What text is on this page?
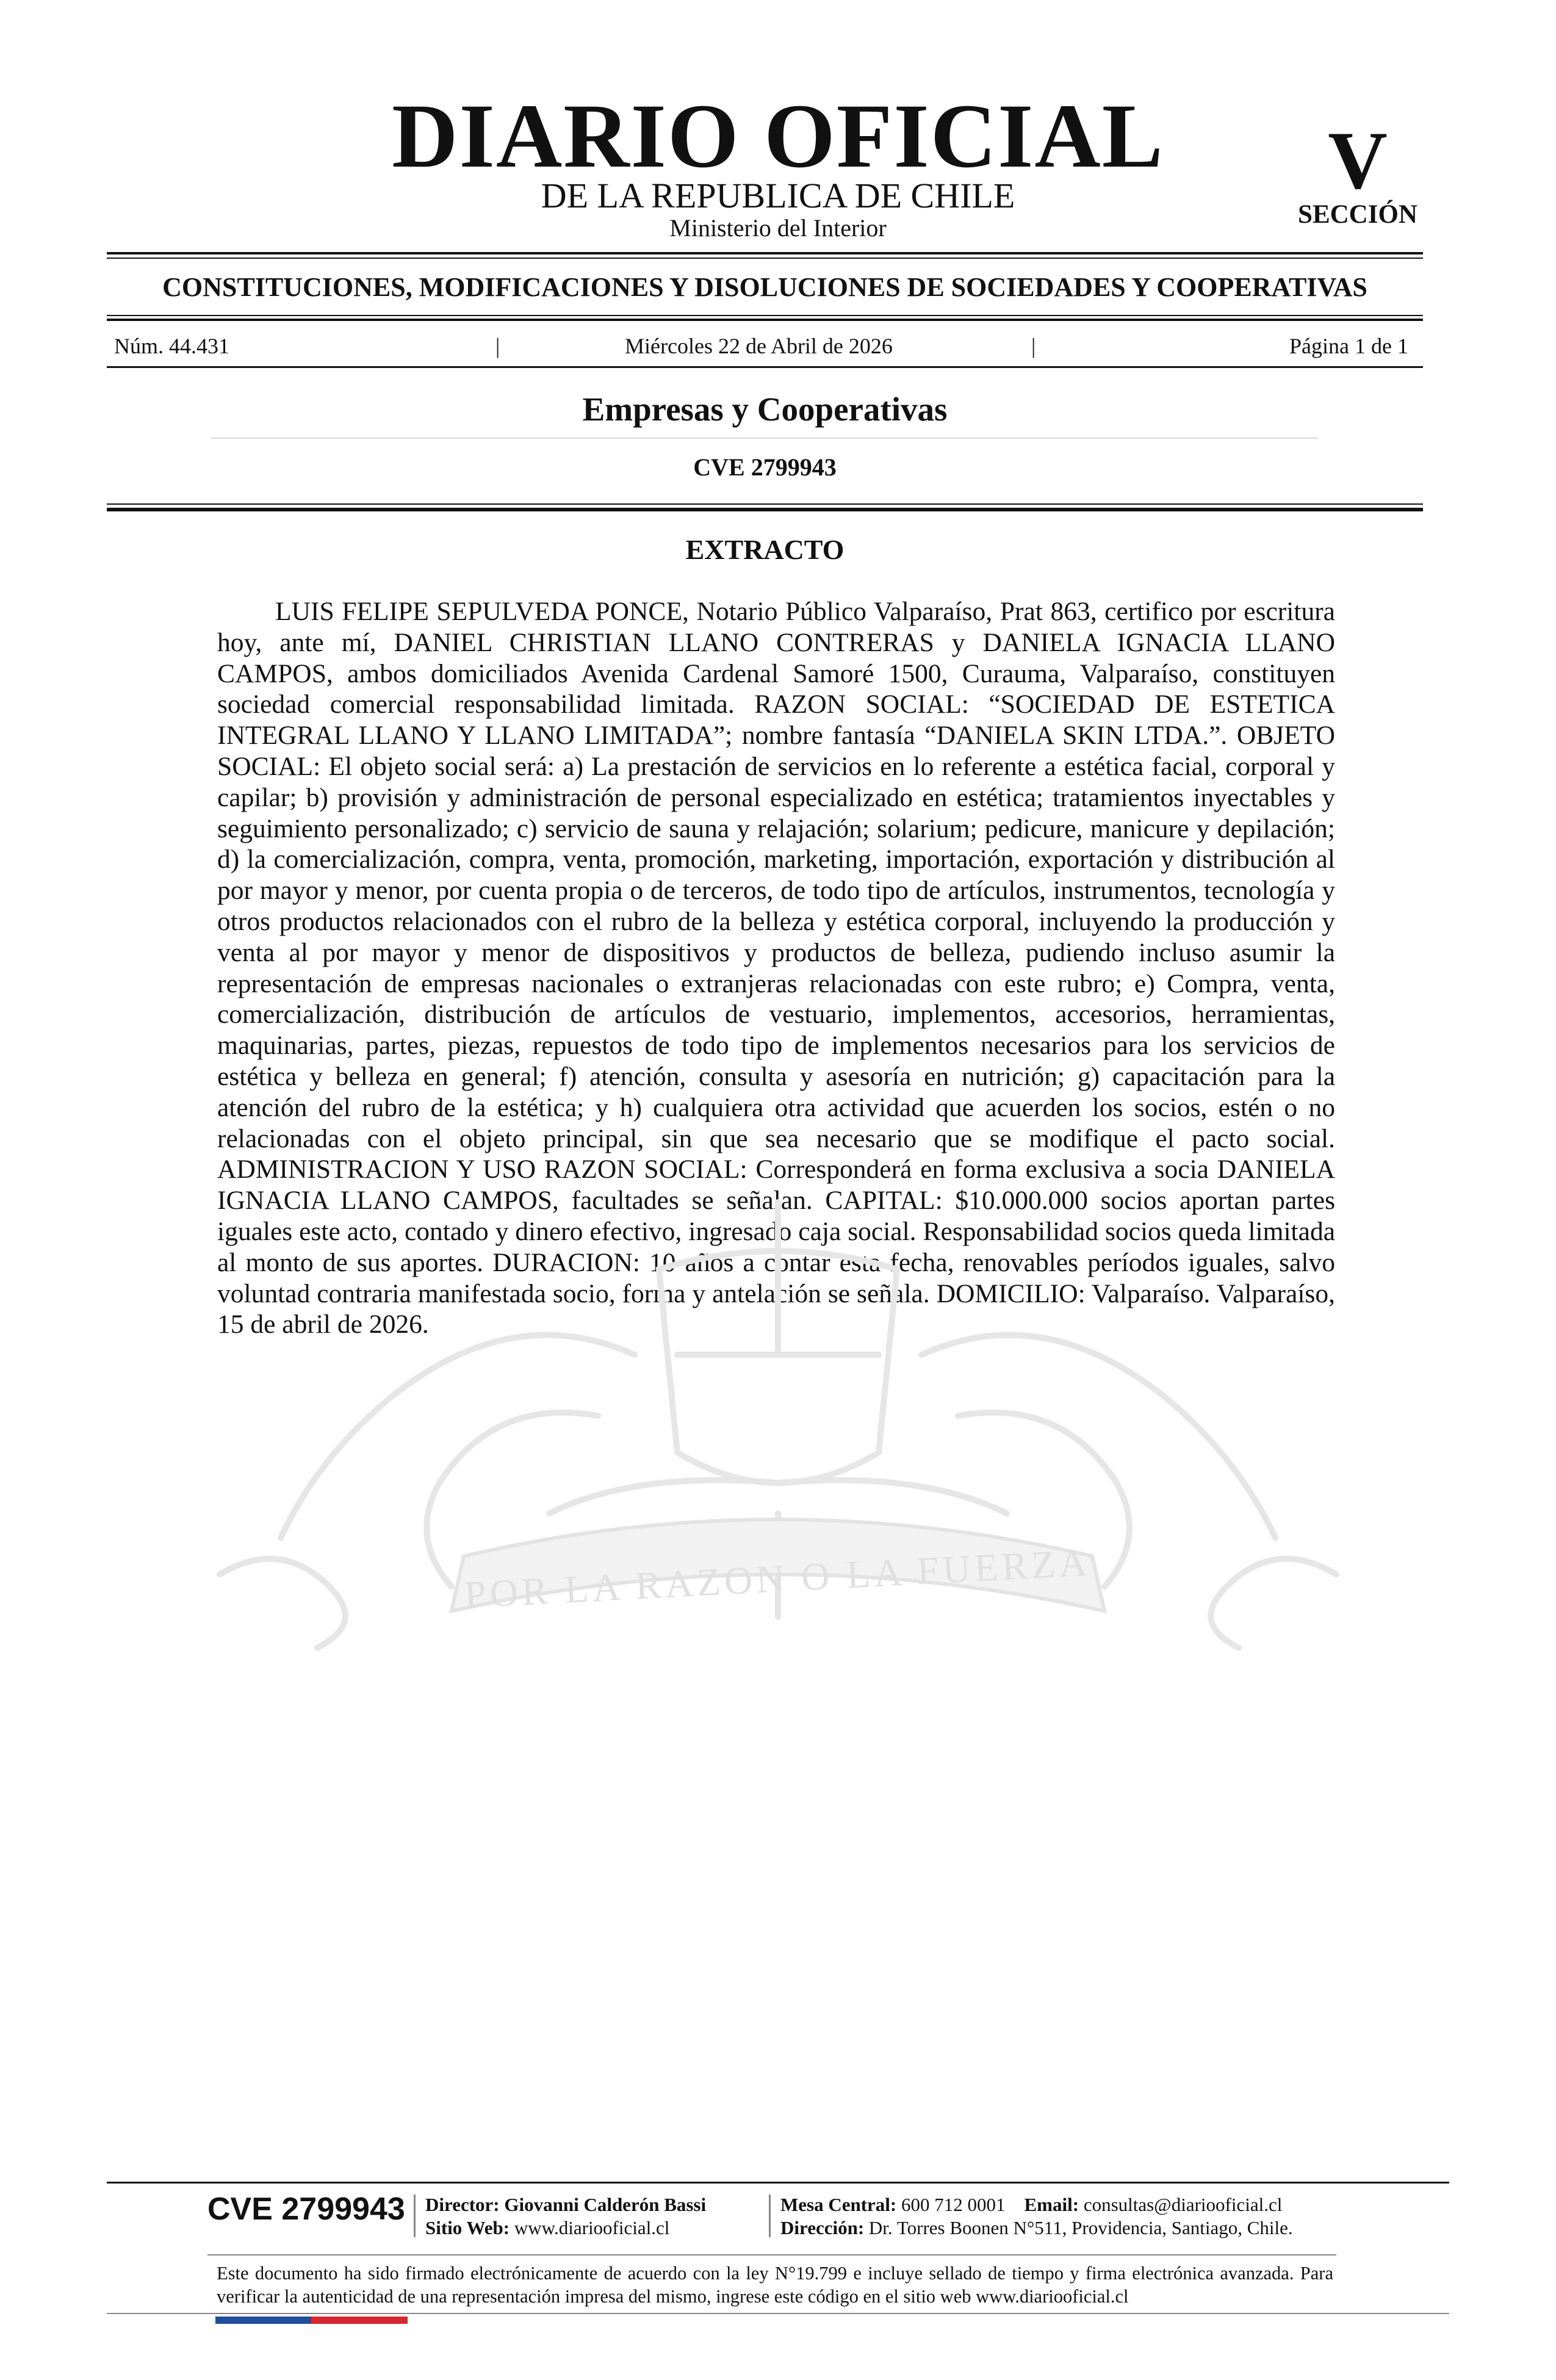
DIARIO OFICIAL
DE LA REPUBLICA DE CHILE
Ministerio del Interior
V
SECCIÓN
CONSTITUCIONES, MODIFICACIONES Y DISOLUCIONES DE SOCIEDADES Y COOPERATIVAS
Núm. 44.431	|	Miércoles 22 de Abril de 2026	|	Página 1 de 1
Empresas y Cooperativas
CVE 2799943
EXTRACTO

LUIS FELIPE SEPULVEDA PONCE, Notario Público Valparaíso, Prat 863, certifico por escritura hoy, ante mí, DANIEL CHRISTIAN LLANO CONTRERAS y DANIELA IGNACIA LLANO CAMPOS, ambos domiciliados Avenida Cardenal Samoré 1500, Curauma, Valparaíso, constituyen sociedad comercial responsabilidad limitada. RAZON SOCIAL: “SOCIEDAD DE ESTETICA INTEGRAL LLANO Y LLANO LIMITADA”; nombre fantasía “DANIELA SKIN LTDA.”. OBJETO SOCIAL: El objeto social será: a) La prestación de servicios en lo referente a estética facial, corporal y capilar; b) provisión y administración de personal especializado en estética; tratamientos inyectables y seguimiento personalizado; c) servicio de sauna y relajación; solarium; pedicure, manicure y depilación; d) la comercialización, compra, venta, promoción, marketing, importación, exportación y distribución al por mayor y menor, por cuenta propia o de terceros, de todo tipo de artículos, instrumentos, tecnología y otros productos relacionados con el rubro de la belleza y estética corporal, incluyendo la producción y venta al por mayor y menor de dispositivos y productos de belleza, pudiendo incluso asumir la representación de empresas nacionales o extranjeras relacionadas con este rubro; e) Compra, venta, comercialización, distribución de artículos de vestuario, implementos, accesorios, herramientas, maquinarias, partes, piezas, repuestos de todo tipo de implementos necesarios para los servicios de estética y belleza en general; f) atención, consulta y asesoría en nutrición; g) capacitación para la atención del rubro de la estética; y h) cualquiera otra actividad que acuerden los socios, estén o no relacionadas con el objeto principal, sin que sea necesario que se modifique el pacto social. ADMINISTRACION Y USO RAZON SOCIAL: Corresponderá en forma exclusiva a socia DANIELA IGNACIA LLANO CAMPOS, facultades se señalan. CAPITAL: $10.000.000 socios aportan partes iguales este acto, contado y dinero efectivo, ingresado caja social. Responsabilidad socios queda limitada al monto de sus aportes. DURACION: 10 años a contar esta fecha, renovables períodos iguales, salvo voluntad contraria manifestada socio, forma y antelación se señala. DOMICILIO: Valparaíso. Valparaíso, 15 de abril de 2026.

POR LA RAZON O LA FUERZA
CVE 2799943 Director: Giovanni Calderón Bassi
Sitio Web: www.diariooficial.cl
Mesa Central: 600 712 0001 Email: consultas@diariooficial.cl
Dirección: Dr. Torres Boonen N°511, Providencia, Santiago, Chile.
Este documento ha sido firmado electrónicamente de acuerdo con la ley N°19.799 e incluye sellado de tiempo y firma electrónica avanzada. Para verificar la autenticidad de una representación impresa del mismo, ingrese este código en el sitio web www.diariooficial.cl
